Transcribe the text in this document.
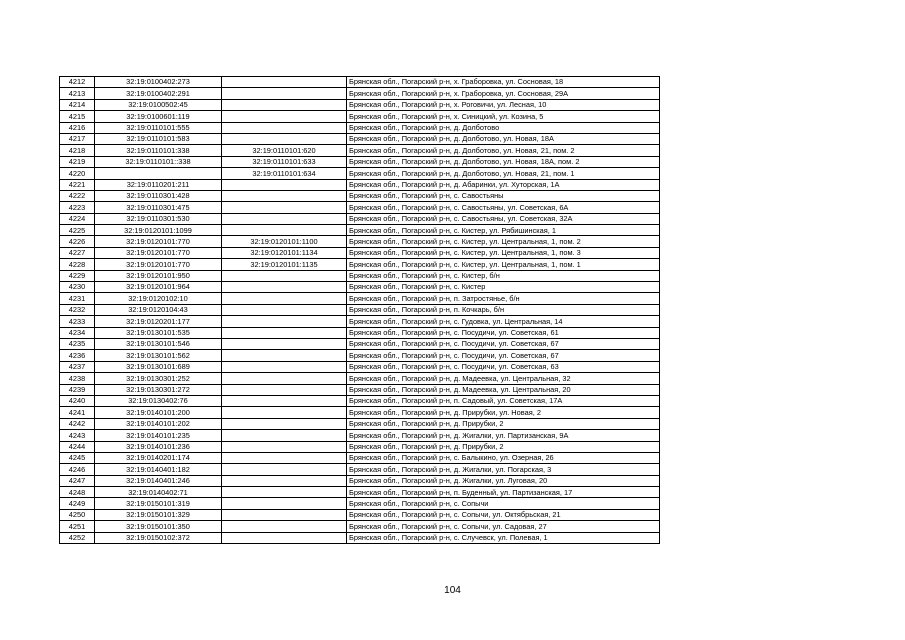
4212	32:19:0100402:273		Брянская обл., Погарский р-н, х. Граборовка, ул. Сосновая, 18
4213	32:19:0100402:291		Брянская обл., Погарский р-н, х. Граборовка, ул. Сосновая, 29А
4214	32:19:0100502:45		Брянская обл., Погарский р-н, х. Роговичи, ул. Лесная, 10
4215	32:19:0100601:119		Брянская обл., Погарский р-н, х. Синицкий, ул. Козина, 5
4216	32:19:0110101:555		Брянская обл., Погарский р-н, д. Долботово
4217	32:19:0110101:583		Брянская обл., Погарский р-н, д. Долботово, ул. Новая, 18А
4218	32:19:0110101:338	32:19:0110101:620	Брянская обл., Погарский р-н, д. Долботово, ул. Новая, 21, пом. 2
4219	32:19:0110101::338	32:19:0110101:633	Брянская обл., Погарский р-н, д. Долботово, ул. Новая, 18А, пом. 2
4220		32:19:0110101:634	Брянская обл., Погарский р-н, д. Долботово, ул. Новая, 21, пом. 1
4221	32:19:0110201:211		Брянская обл., Погарский р-н, д. Абаринки, ул. Хуторская, 1А
4222	32:19:0110301:428		Брянская обл., Погарский р-н, с. Савостьяны
4223	32:19:0110301:475		Брянская обл., Погарский р-н, с. Савостьяны, ул. Советская, 6А
4224	32:19:0110301:530		Брянская обл., Погарский р-н, с. Савостьяны, ул. Советская, 32А
4225	32:19:0120101:1099		Брянская обл., Погарский р-н, с. Кистер, ул. Рябишинская, 1
4226	32:19:0120101:770	32:19:0120101:1100	Брянская обл., Погарский р-н, с. Кистер, ул. Центральная, 1, пом. 2
4227	32:19:0120101:770	32:19:0120101:1134	Брянская обл., Погарский р-н, с. Кистер, ул. Центральная, 1, пом. 3
4228	32:19:0120101:770	32:19:0120101:1135	Брянская обл., Погарский р-н, с. Кистер, ул. Центральная, 1, пом. 1
4229	32:19:0120101:950		Брянская обл., Погарский р-н, с. Кистер, б/н
4230	32:19:0120101:964		Брянская обл., Погарский р-н, с. Кистер
4231	32:19:0120102:10		Брянская обл., Погарский р-н, п. Затростянье, б/н
4232	32:19:0120104:43		Брянская обл., Погарский р-н, п. Кочкарь, б/н
4233	32:19:0120201:177		Брянская обл., Погарский р-н, с. Гудовка, ул. Центральная, 14
4234	32:19:0130101:535		Брянская обл., Погарский р-н, с. Посудичи, ул. Советская, 61
4235	32:19:0130101:546		Брянская обл., Погарский р-н, с. Посудичи, ул. Советская, 67
4236	32:19:0130101:562		Брянская обл., Погарский р-н, с. Посудичи, ул. Советская, 67
4237	32:19:0130101:689		Брянская обл., Погарский р-н, с. Посудичи, ул. Советская, 63
4238	32:19:0130301:252		Брянская обл., Погарский р-н, д. Мадеевка, ул. Центральная, 32
4239	32:19:0130301:272		Брянская обл., Погарский р-н, д. Мадеевка, ул. Центральная, 20
4240	32:19:0130402:76		Брянская обл., Погарский р-н, п. Садовый, ул. Советская, 17А
4241	32:19:0140101:200		Брянская обл., Погарский р-н, д. Прирубки, ул. Новая, 2
4242	32:19:0140101:202		Брянская обл., Погарский р-н, д. Прирубки, 2
4243	32:19:0140101:235		Брянская обл., Погарский р-н, д. Жигалки, ул. Партизанская, 9А
4244	32:19:0140101:236		Брянская обл., Погарский р-н, д. Прирубки, 2
4245	32:19:0140201:174		Брянская обл., Погарский р-н, с. Балыкино, ул. Озерная, 26
4246	32:19:0140401:182		Брянская обл., Погарский р-н, д. Жигалки, ул. Погарская, 3
4247	32:19:0140401:246		Брянская обл., Погарский р-н, д. Жигалки, ул. Луговая, 20
4248	32:19:0140402:71		Брянская обл., Погарский р-н, п. Буденный, ул. Партизанская, 17
4249	32:19:0150101:319		Брянская обл., Погарский р-н, с. Сопычи
4250	32:19:0150101:329		Брянская обл., Погарский р-н, с. Сопычи, ул. Октябрьская, 21
4251	32:19:0150101:350		Брянская обл., Погарский р-н, с. Сопычи, ул. Садовая, 27
4252	32:19:0150102:372		Брянская обл., Погарский р-н, с. Случевск, ул. Полевая, 1
104
